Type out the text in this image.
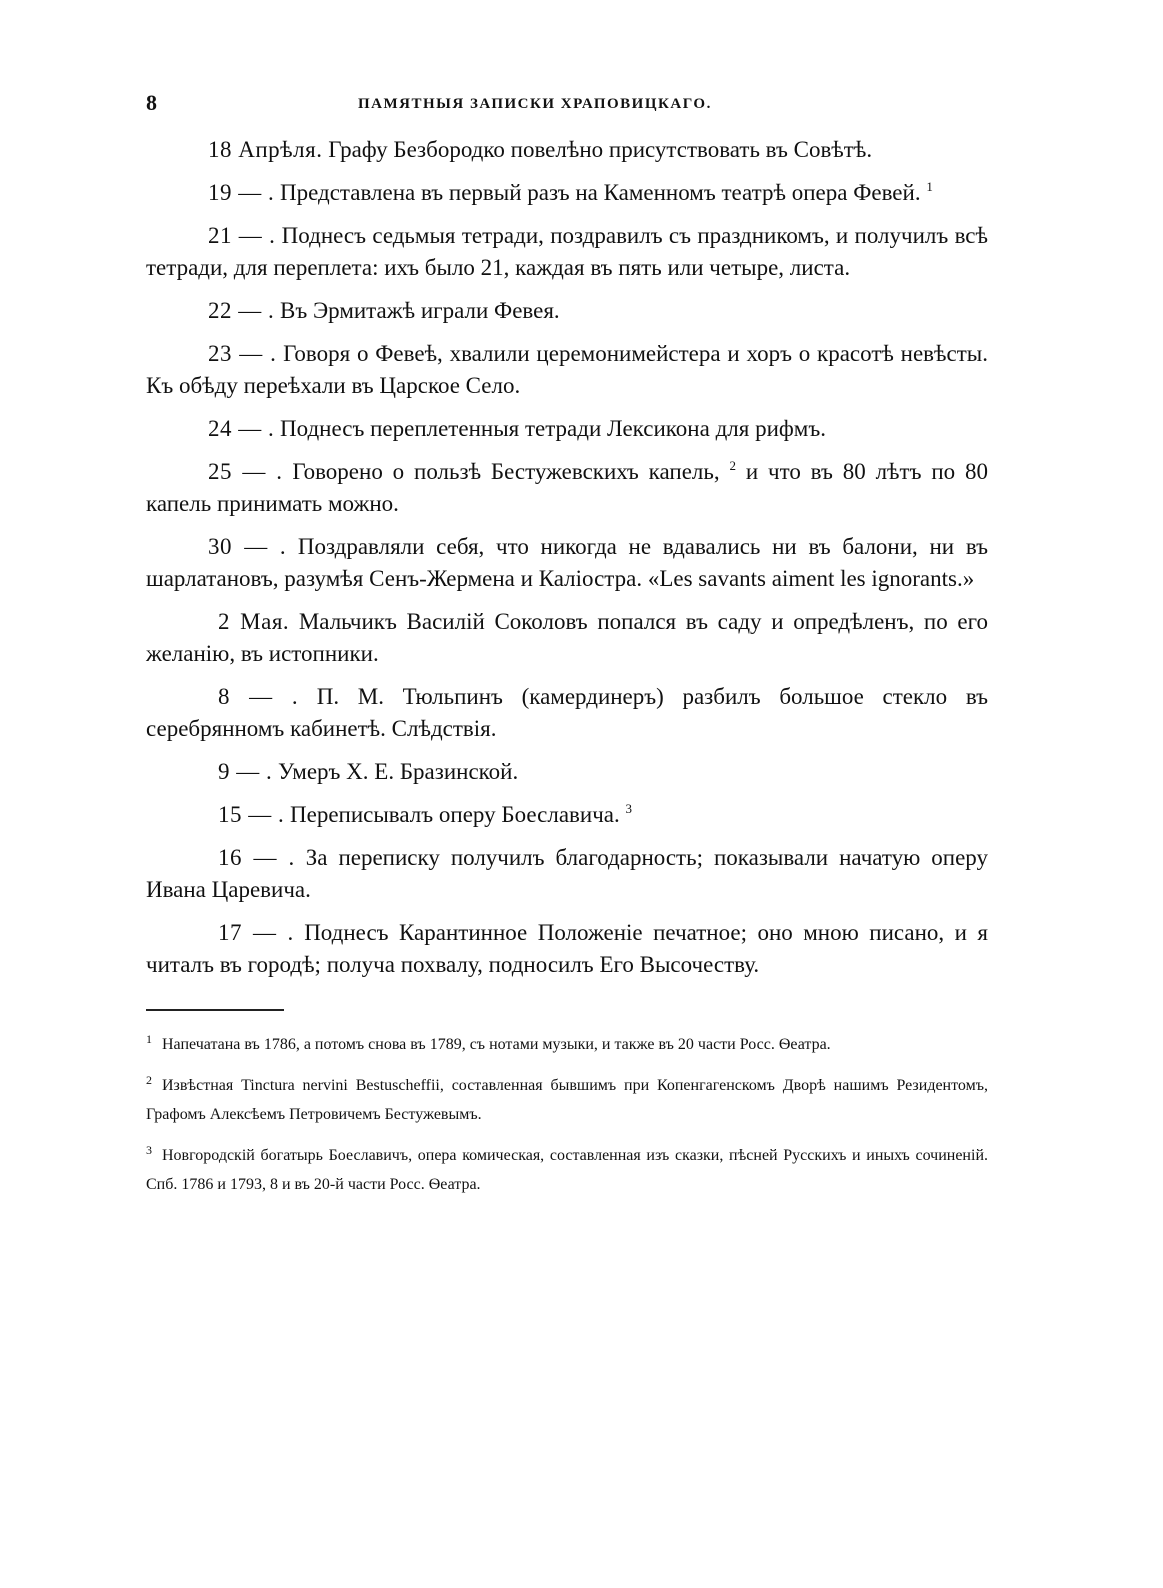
8	ПАМЯТНЫЯ ЗАПИСКИ ХРАПОВИЦКАГО.

18 Апрѣля. Графу Безбородко повелѣно присутствовать въ Совѣтѣ.

19 — . Представлена въ первый разъ на Каменномъ театрѣ опера Февей. $^1$

21 — . Поднесъ седьмыя тетради, поздравилъ съ праздникомъ, и получилъ всѣ тетради, для переплета: ихъ было 21, каждая въ пять или четыре, листа.

22 — . Въ Эрмитажѣ играли Февея.

23 — . Говоря о Февеѣ, хвалили церемонимейстера и хоръ о красотѣ невѣсты. Къ обѣду переѣхали въ Царское Село.

24 — . Поднесъ переплетенныя тетради Лексикона для рифмъ.

25 — . Говорено о пользѣ Бестужевскихъ капель, $^2$ и что въ 80 лѣтъ по 80 капель принимать можно.

30 — . Поздравляли себя, что никогда не вдавались ни въ балони, ни въ шарлатановъ, разумѣя Сенъ-Жермена и Каліостра. «Les savants aiment les ignorants.»

2 Мая. Мальчикъ Василій Соколовъ попался въ саду и опредѣленъ, по его желанію, въ истопники.

8 — . П. М. Тюльпинъ (камердинеръ) разбилъ большое стекло въ серебрянномъ кабинетѣ. Слѣдствія.

9 — . Умеръ Х. Е. Бразинской.

15 — . Переписывалъ оперу Боеславича. $^3$

16 — . За переписку получилъ благодарность; показывали начатую оперу Ивана Царевича.

17 — . Поднесъ Карантинное Положеніе печатное; оно мною писано, и я читалъ въ городѣ; получа похвалу, подносилъ Его Высочеству.

$^1$ Напечатана въ 1786, а потомъ снова въ 1789, съ нотами музыки, и также въ 20 части Росс. Ѳеатра.

$^2$ Извѣстная Tinctura nervini Bestuscheffii, составленная бывшимъ при Копенгагенскомъ Дворѣ нашимъ Резидентомъ, Графомъ Алексѣемъ Петровичемъ Бестужевымъ.

$^3$ Новгородскій богатырь Боеславичъ, опера комическая, составленная изъ сказки, пѣсней Русскихъ и иныхъ сочиненій. Спб. 1786 и 1793, 8 и въ 20-й части Росс. Ѳеатра.
